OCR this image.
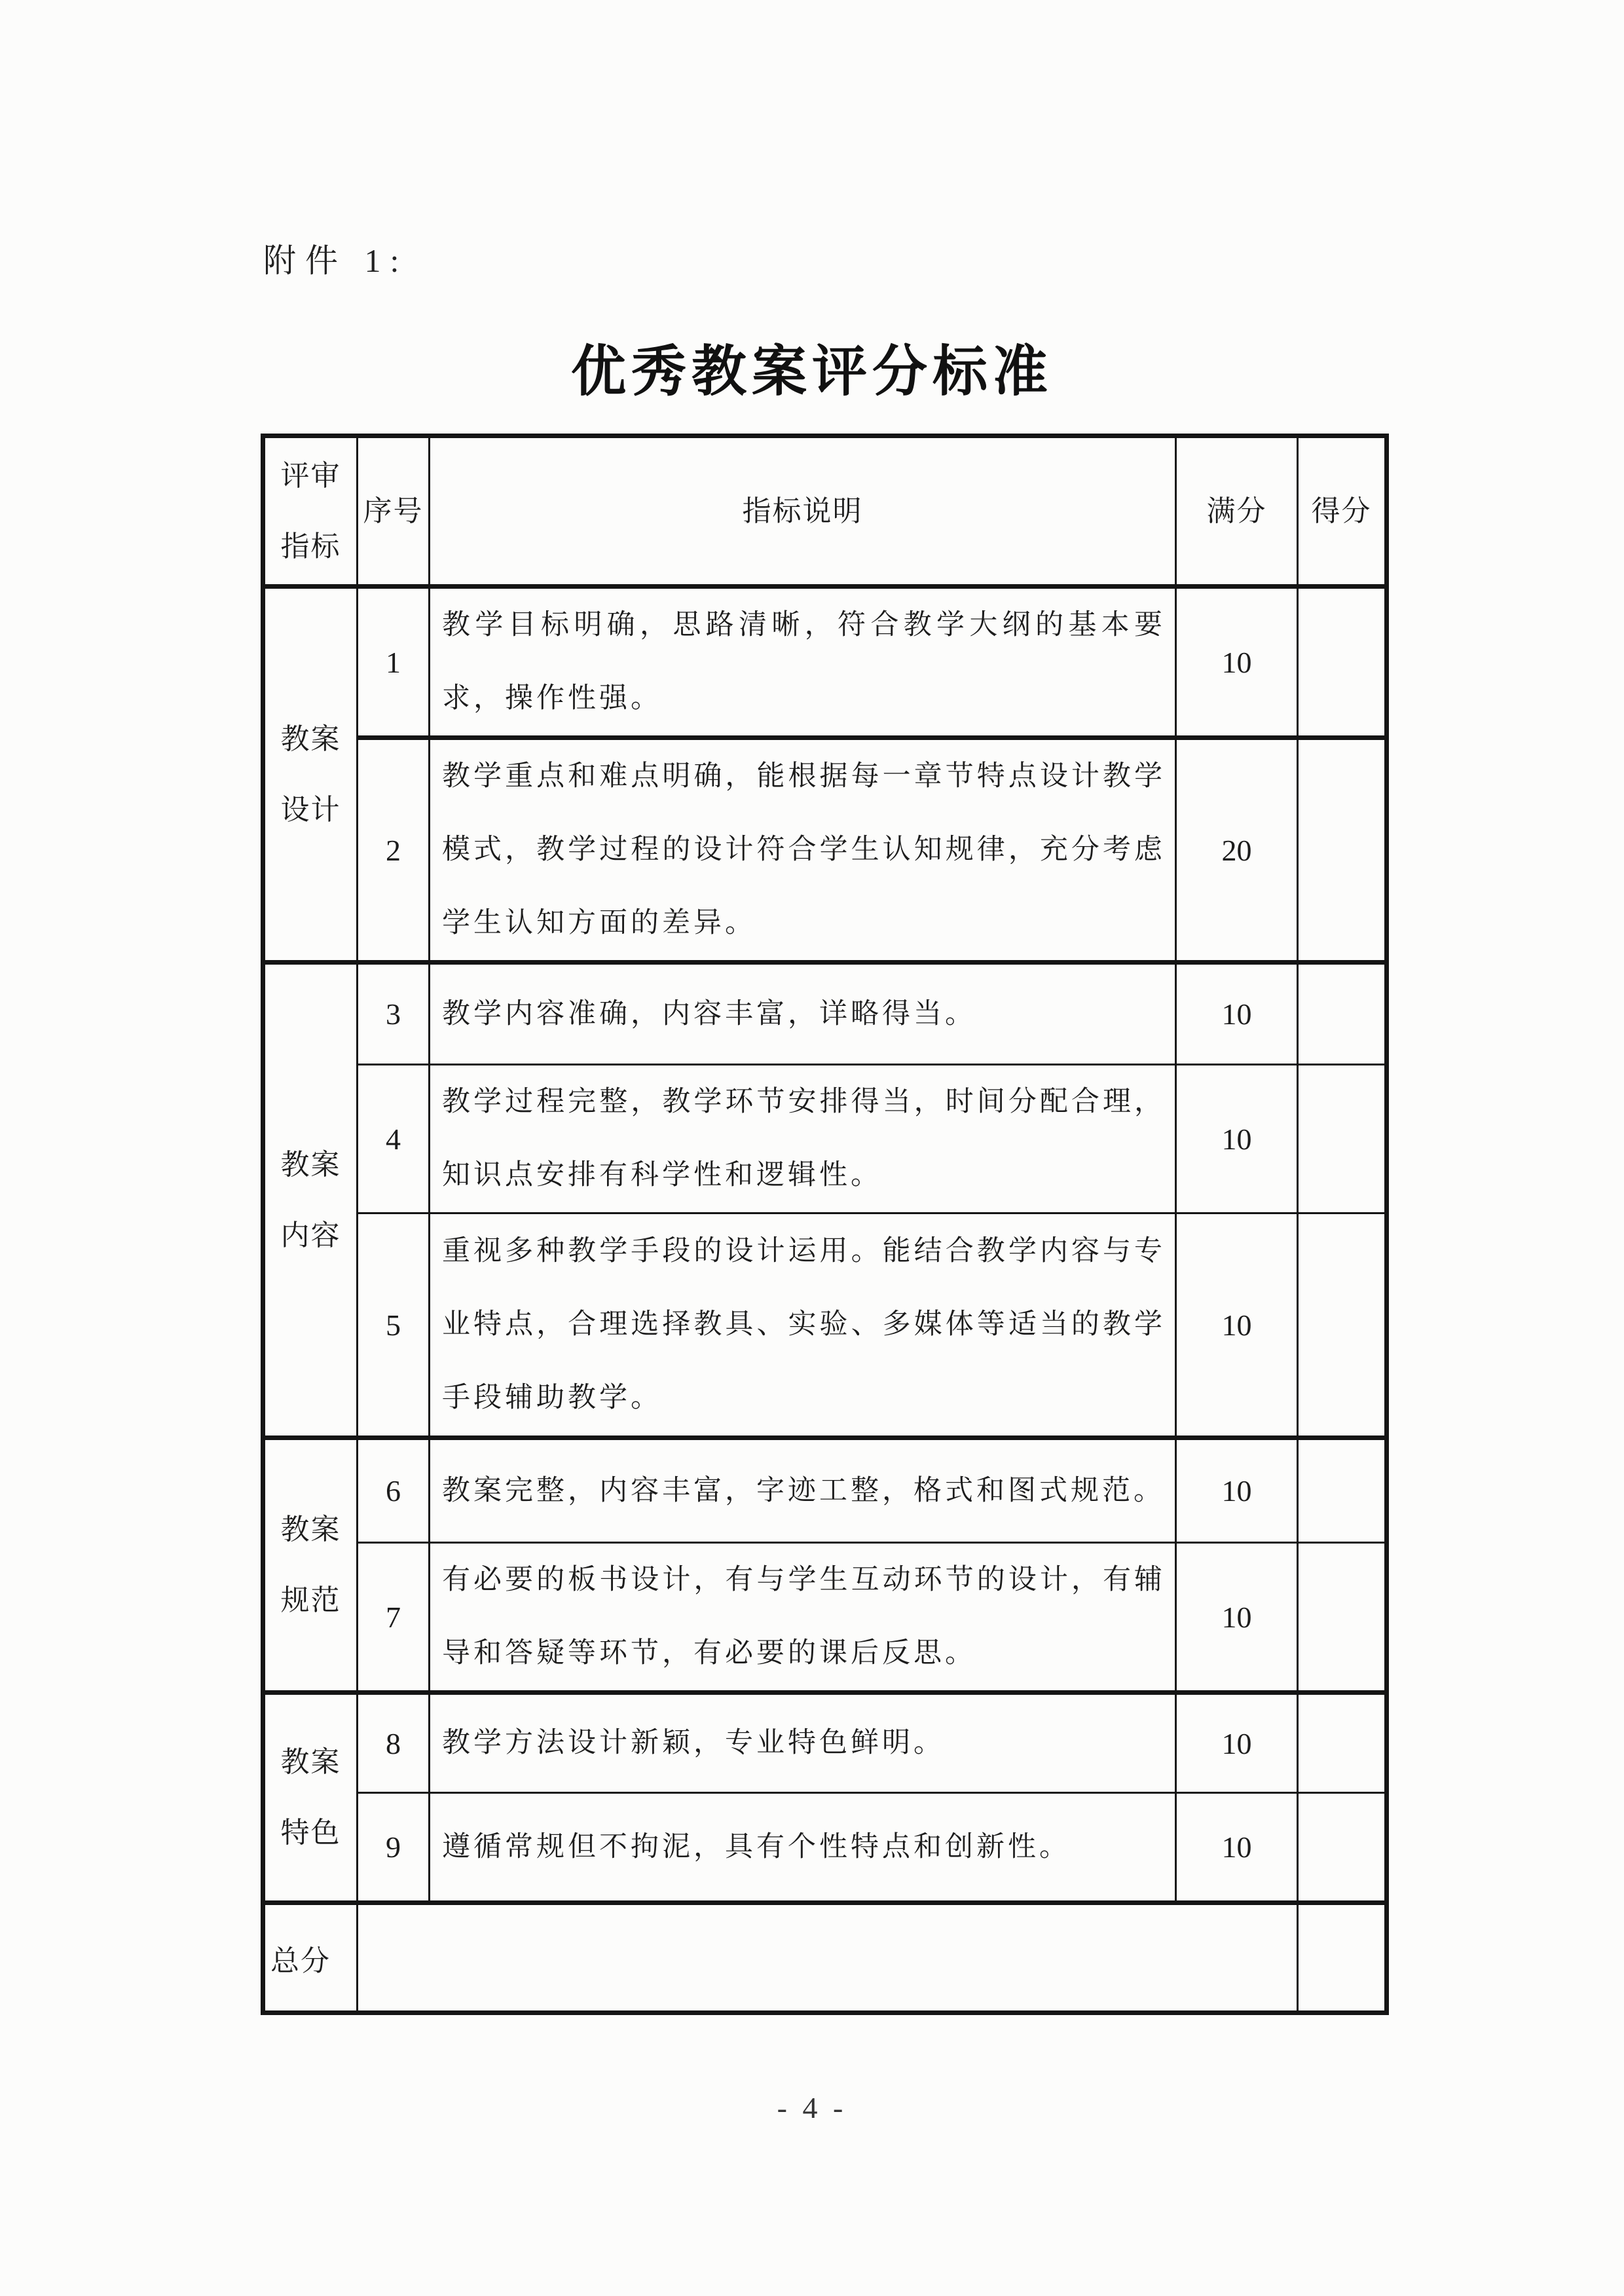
附件 1:
优秀教案评分标准
评审指标	序号	指标说明	满分	得分
教案设计	1	教学目标明确，思路清晰，符合教学大纲的基本要求，操作性强。	10	
	2	教学重点和难点明确，能根据每一章节特点设计教学模式，教学过程的设计符合学生认知规律，充分考虑学生认知方面的差异。	20	
教案内容	3	教学内容准确，内容丰富，详略得当。	10	
	4	教学过程完整，教学环节安排得当，时间分配合理，知识点安排有科学性和逻辑性。	10	
	5	重视多种教学手段的设计运用。能结合教学内容与专业特点，合理选择教具、实验、多媒体等适当的教学手段辅助教学。	10	
教案规范	6	教案完整，内容丰富，字迹工整，格式和图式规范。	10	
	7	有必要的板书设计，有与学生互动环节的设计，有辅导和答疑等环节，有必要的课后反思。	10	
教案特色	8	教学方法设计新颖，专业特色鲜明。	10	
	9	遵循常规但不拘泥，具有个性特点和创新性。	10	
总分				
- 4 -
